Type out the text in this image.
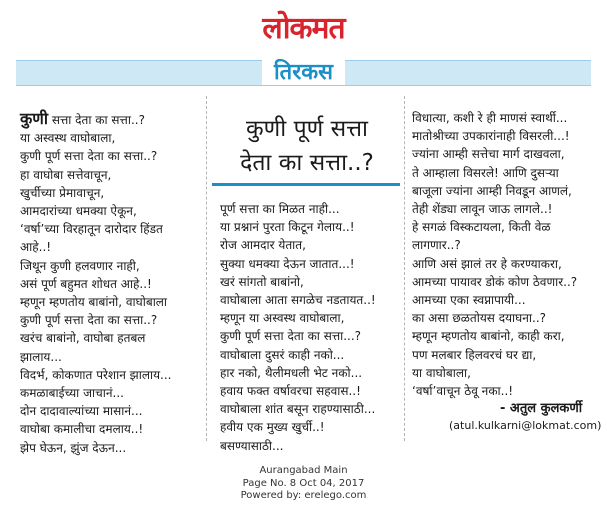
लोकमत
तिरकस
कुणी सत्ता देता का सत्ता..?
या अस्वस्थ वाघोबाला,
कुणी पूर्ण सत्ता देता का सत्ता..?
हा वाघोबा सत्तेवाचून,
खुर्चीच्या प्रेमावाचून,
आमदारांच्या धमक्या ऐकून,
‘वर्षा’च्या विरहातून दारोदार हिंडत
आहे..!
जिथून कुणी हलवणार नाही,
असं पूर्ण बहुमत शोधत आहे..!
म्हणून म्हणतोय बाबांनो, वाघोबाला
कुणी पूर्ण सत्ता देता का सत्ता..?
खरंच बाबांनो, वाघोबा हतबल
झालाय...
विदर्भ, कोकणात परेशान झालाय...
कमळाबाईच्या जाचानं...
दोन दादावाल्यांच्या मासानं...
वाघोबा कमालीचा दमलाय..!
झेप घेऊन, झुंज देऊन...
कुणी पूर्ण सत्ता
देता का सत्ता..?
पूर्ण सत्ता का मिळत नाही...
या प्रश्नानं पुरता किटून गेलाय..!
रोज आमदार येतात,
सुक्या धमक्या देऊन जातात...!
खरं सांगतो बाबांनो,
वाघोबाला आता सगळेच नडतायत..!
म्हणून या अस्वस्थ वाघोबाला,
कुणी पूर्ण सत्ता देता का सत्ता...?
वाघोबाला दुसरं काही नको...
हार नको, थैलीमधली भेट नको...
हवाय फक्त वर्षावरचा सहवास..!
वाघोबाला शांत बसून राहण्यासाठी...
हवीय एक मुख्य खुर्ची..!
बसण्यासाठी...
विधात्या, कशी रे ही माणसं स्वार्थी...
मातोश्रीच्या उपकारांनाही विसरली...!
ज्यांना आम्ही सत्तेचा मार्ग दाखवला,
ते आम्हाला विसरले! आणि दुसऱ्या
बाजूला ज्यांना आम्ही निवडून आणलं,
तेही शेंड्या लावून जाऊ लागले..!
हे सगळं विस्कटायला, किती वेळ
लागणार..?
आणि असं झालं तर हे करण्याकरा,
आमच्या पायावर डोकं कोण ठेवणार..?
आमच्या एका स्वप्नापायी...
का असा छळतोयस दयाघना..?
म्हणून म्हणतोय बाबांनो, काही करा,
पण मलबार हिलवरचं घर द्या,
या वाघोबाला,
‘वर्षा’वाचून ठेवू नका..!
- अतुल कुलकर्णी
(atul.kulkarni@lokmat.com)
Aurangabad Main
Page No. 8 Oct 04, 2017
Powered by: erelego.com
